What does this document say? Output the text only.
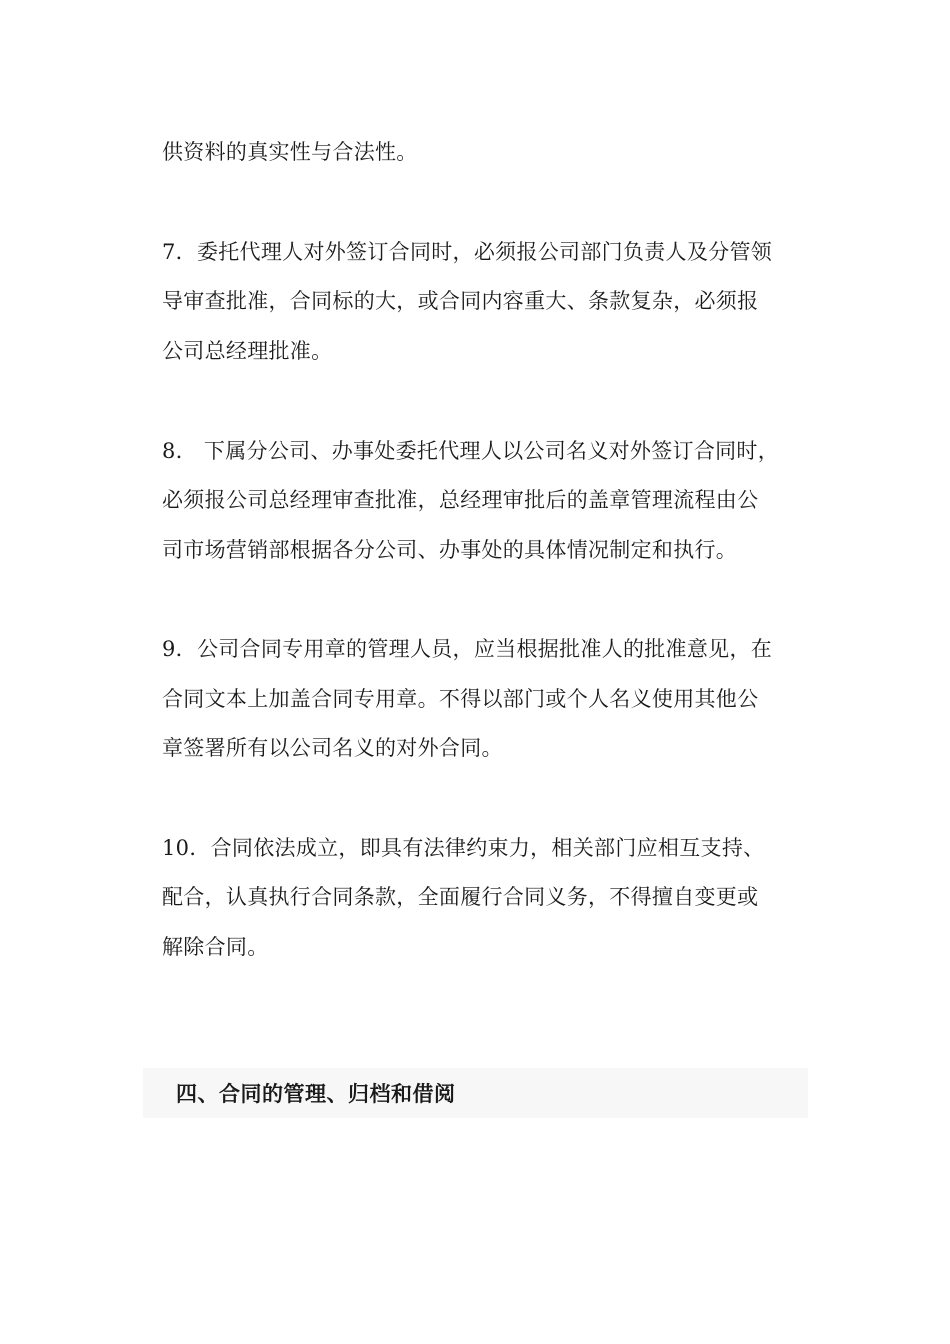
供资料的真实性与合法性。
7．委托代理人对外签订合同时，必须报公司部门负责人及分管领
导审查批准，合同标的大，或合同内容重大、条款复杂，必须报
公司总经理批准。
8.　下属分公司、办事处委托代理人以公司名义对外签订合同时，
必须报公司总经理审查批准，总经理审批后的盖章管理流程由公
司市场营销部根据各分公司、办事处的具体情况制定和执行。
9．公司合同专用章的管理人员，应当根据批准人的批准意见，在
合同文本上加盖合同专用章。不得以部门或个人名义使用其他公
章签署所有以公司名义的对外合同。
10．合同依法成立，即具有法律约束力，相关部门应相互支持、
配合，认真执行合同条款，全面履行合同义务，不得擅自变更或
解除合同。
四、合同的管理、归档和借阅
